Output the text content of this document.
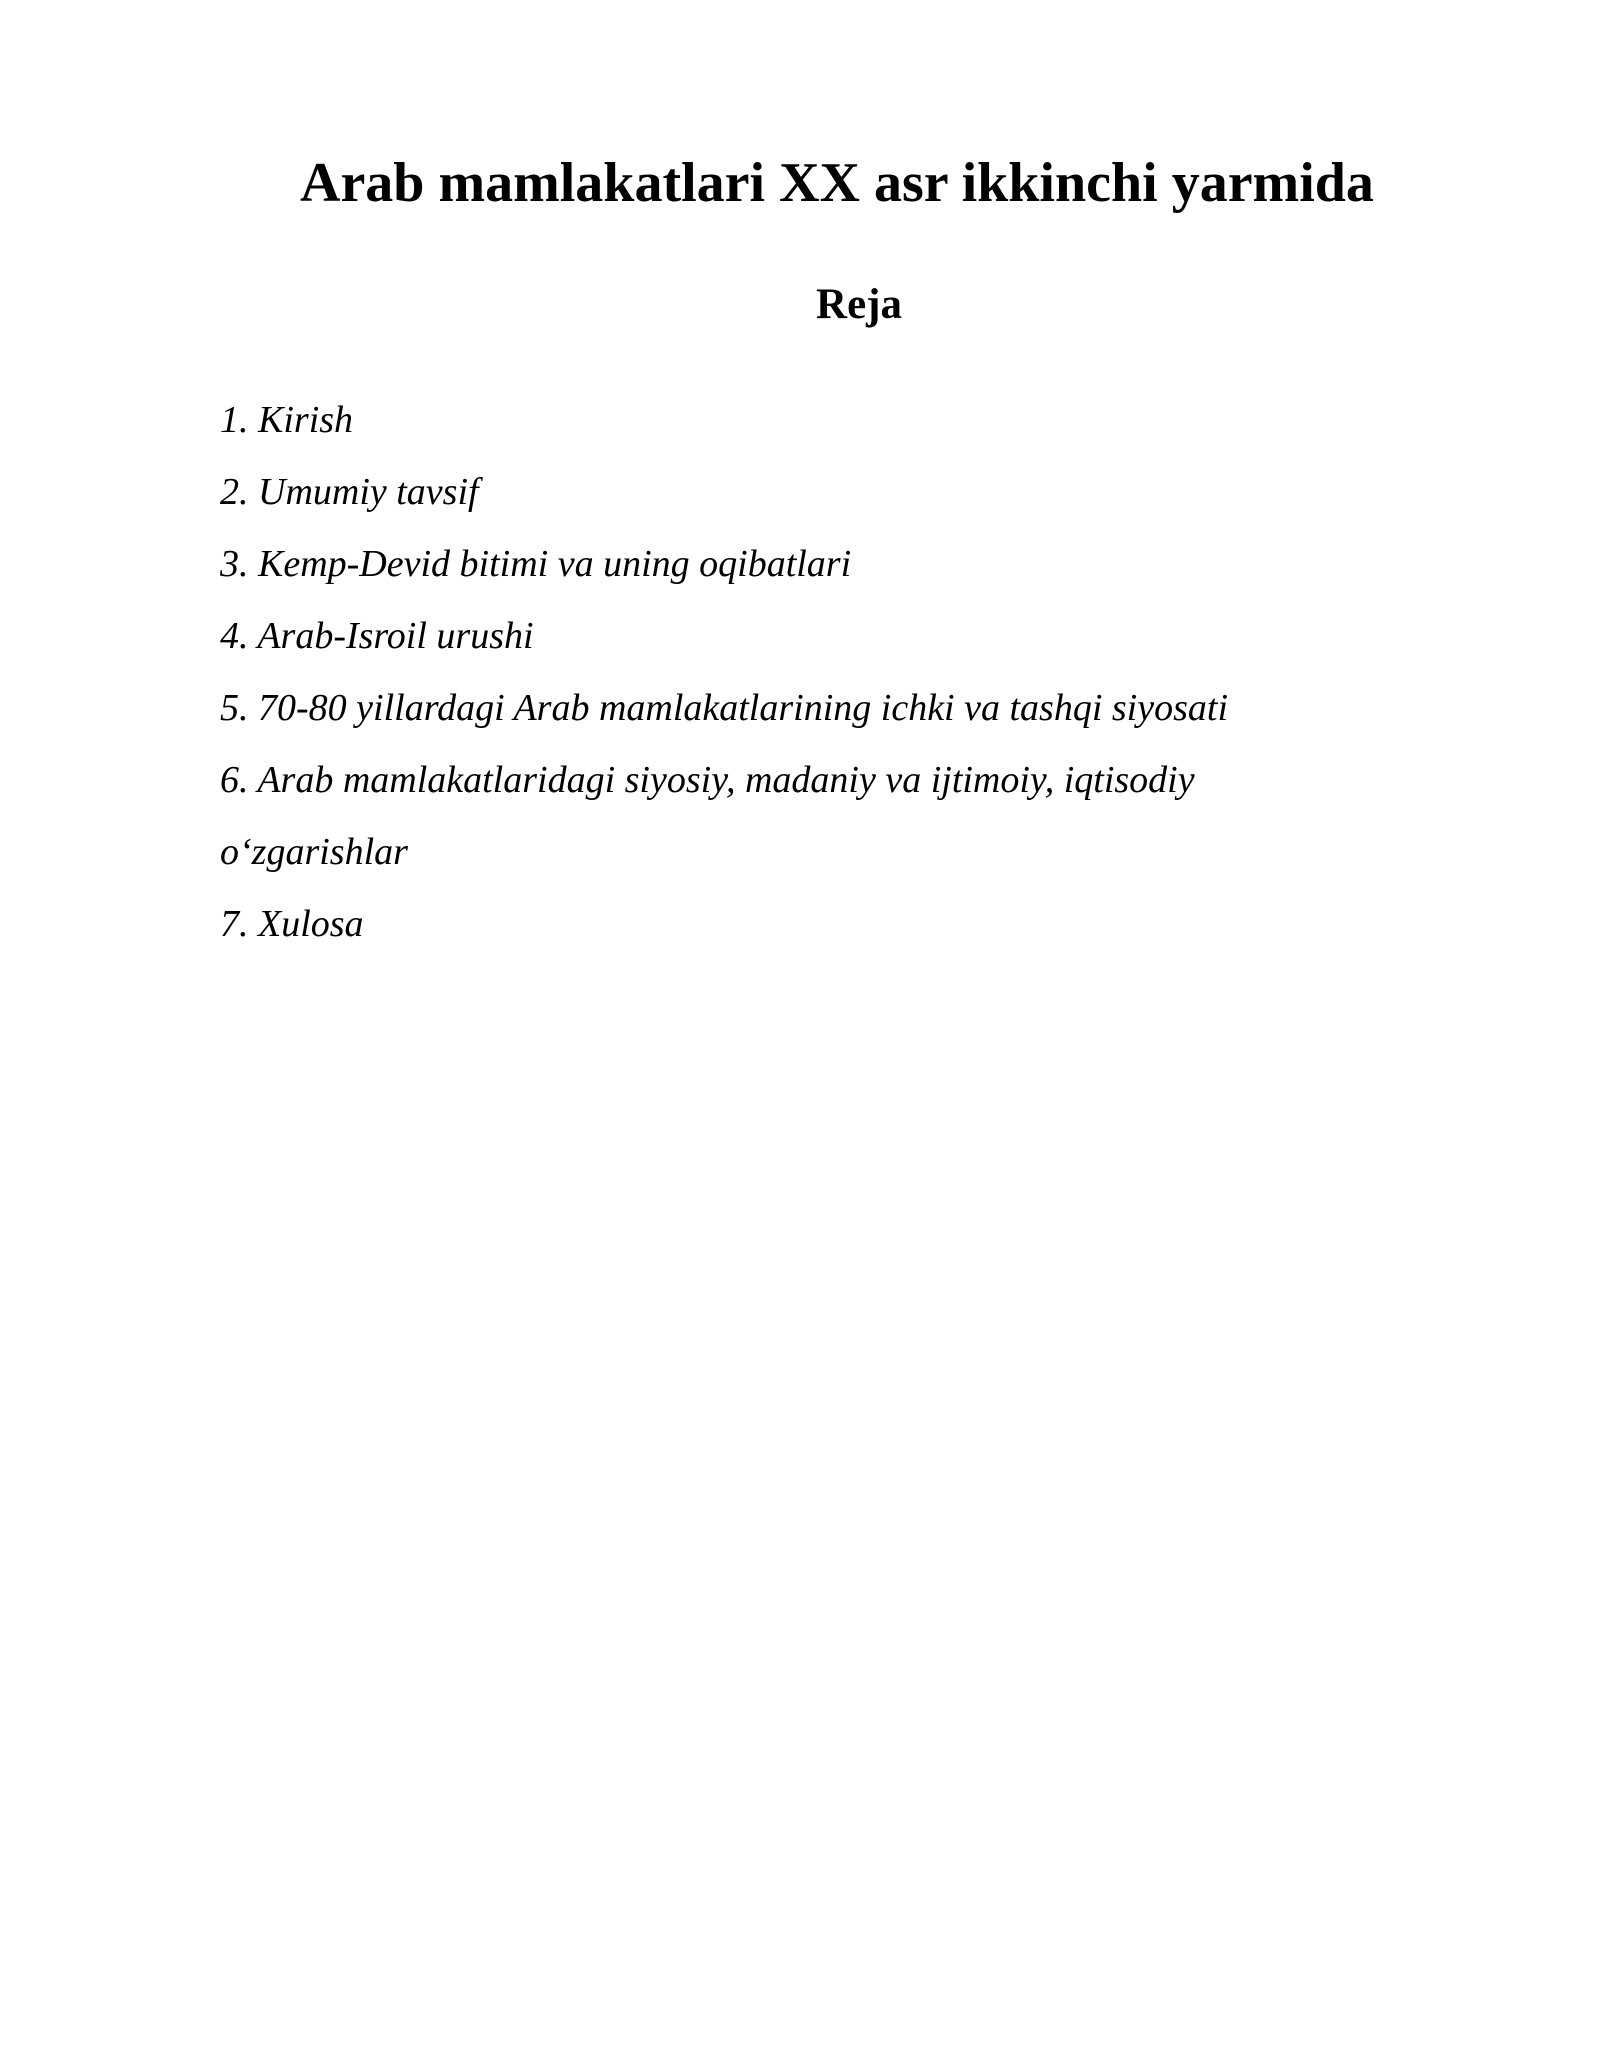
Arab mamlakatlari XX asr ikkinchi yarmida
Reja
1. Kirish
2. Umumiy tavsif
3. Kemp-Devid bitimi va uning oqibatlari
4. Arab-Isroil urushi
5. 70-80 yillardagi Arab mamlakatlarining ichki va tashqi siyosati
6. Arab mamlakatlaridagi siyosiy, madaniy va ijtimoiy, iqtisodiy o‘zgarishlar
7. Xulosa
